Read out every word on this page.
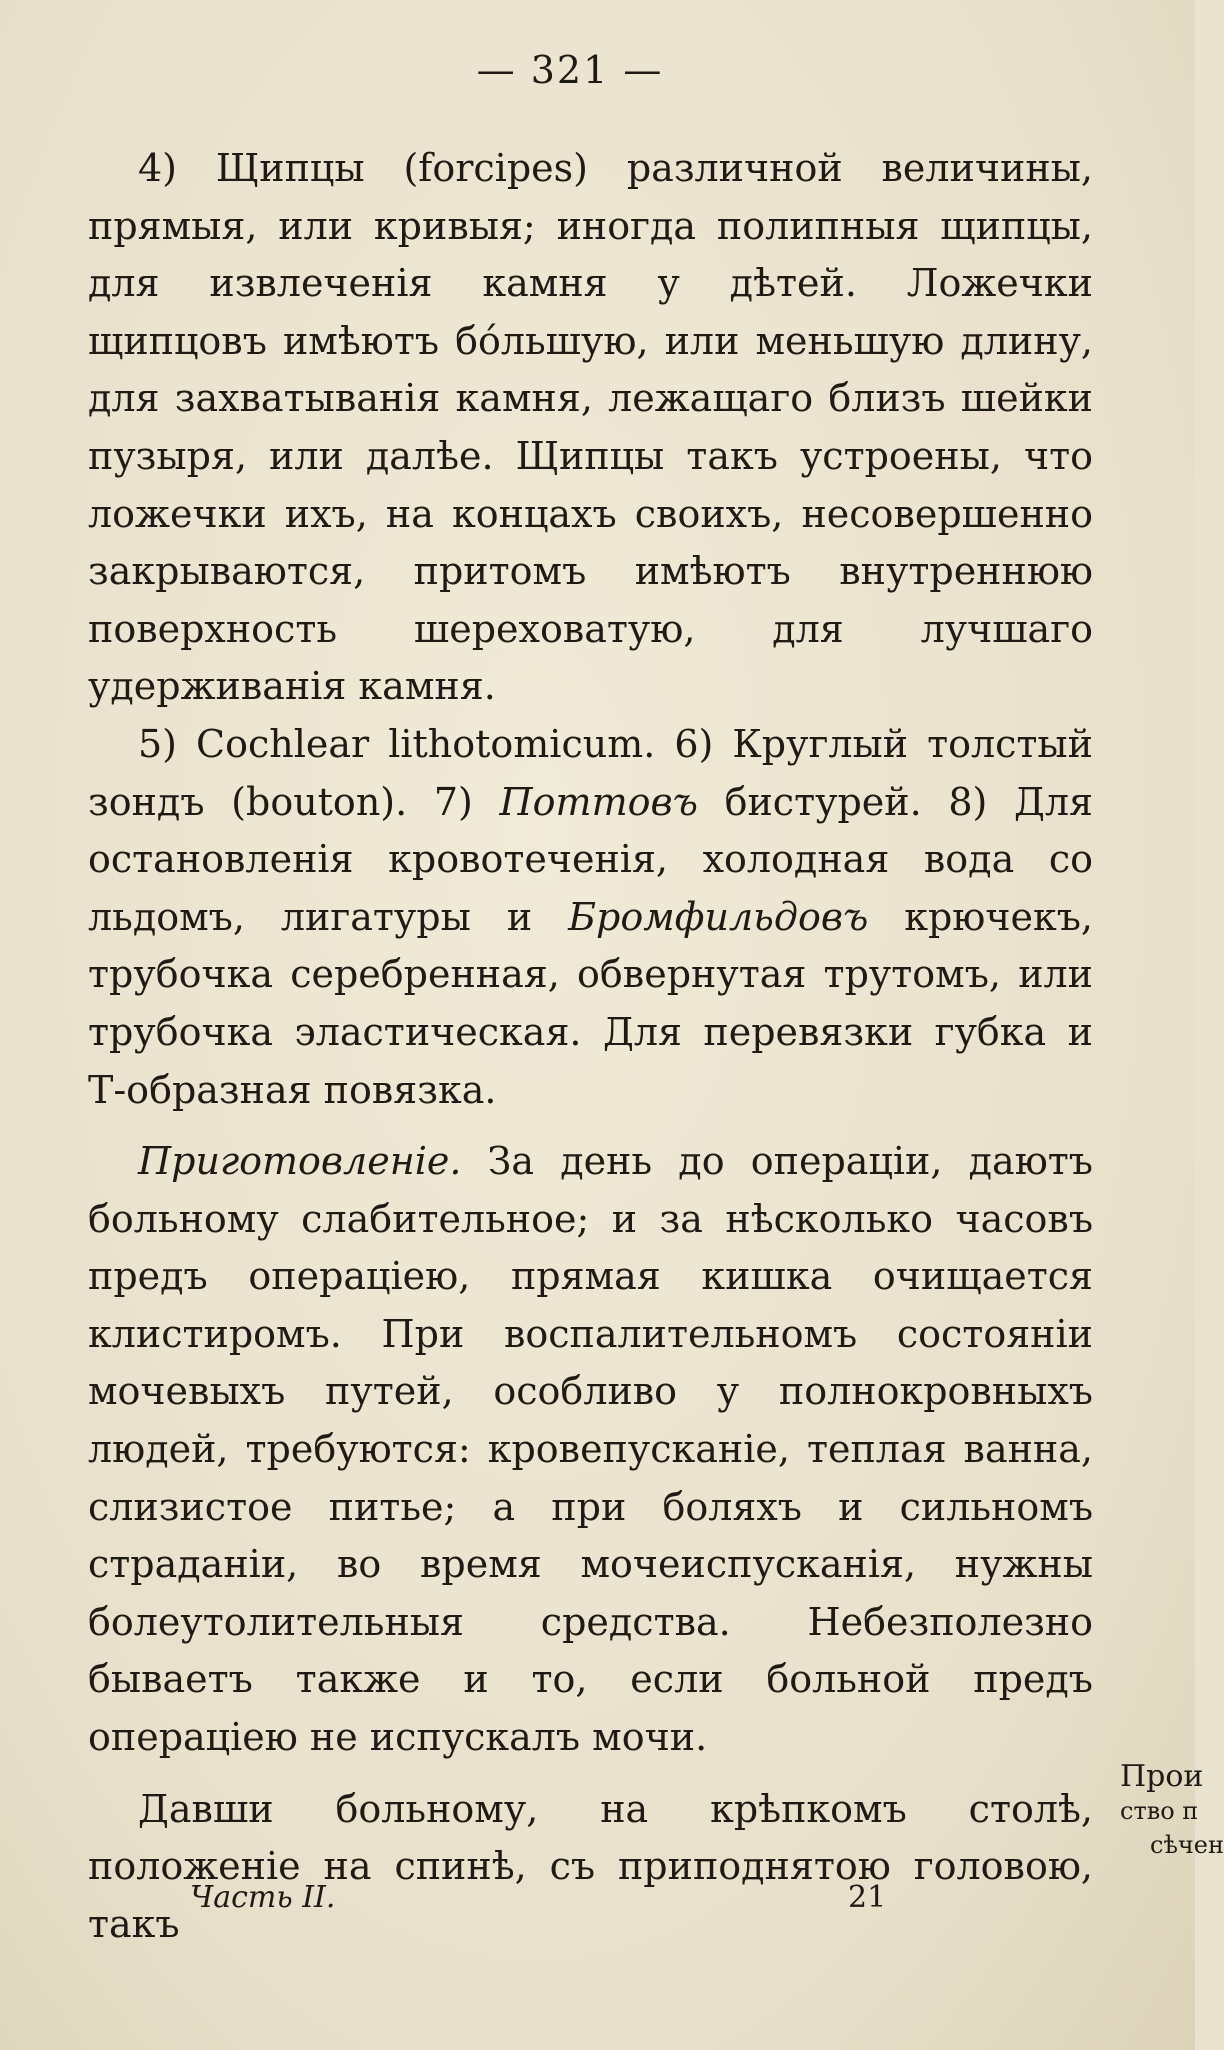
— 321 —

4) Щипцы (forcipes) различной величины, прямыя, или кривыя; иногда полипныя щипцы, для извлеченія камня у дѣтей. Ложечки щипцовъ имѣютъ бо́льшую, или меньшую длину, для захватыванія камня, лежащаго близъ шейки пузыря, или далѣе. Щипцы такъ устроены, что ложечки ихъ, на концахъ своихъ, несовершенно закрываются, притомъ имѣютъ внутреннюю поверхность шереховатую, для лучшаго удерживанія камня.

5) Cochlear lithotomicum. 6) Круглый толстый зондъ (bouton). 7) Поттовъ бистурей. 8) Для остановленія кровотеченія, холодная вода со льдомъ, лигатуры и Бромфильдовъ крючекъ, трубочка серебренная, обвернутая трутомъ, или трубочка эластическая. Для перевязки губка и Т-образная повязка.

Приготовленіе. За день до операціи, даютъ больному слабительное; и за нѣсколько часовъ предъ операціею, прямая кишка очищается клистиромъ. При воспалительномъ состояніи мочевыхъ путей, особливо у полнокровныхъ людей, требуются: кровепусканіе, теплая ванна, слизистое питье; а при боляхъ и сильномъ страданіи, во время мочеиспусканія, нужны болеутолительныя средства. Небезполезно бываетъ также и то, если больной предъ операціею не испускалъ мочи.

Давши больному, на крѣпкомъ столѣ, положеніе на спинѣ, съ приподнятою головою, такъ

Прои
ство п
сѣчен
Часть II.	21
